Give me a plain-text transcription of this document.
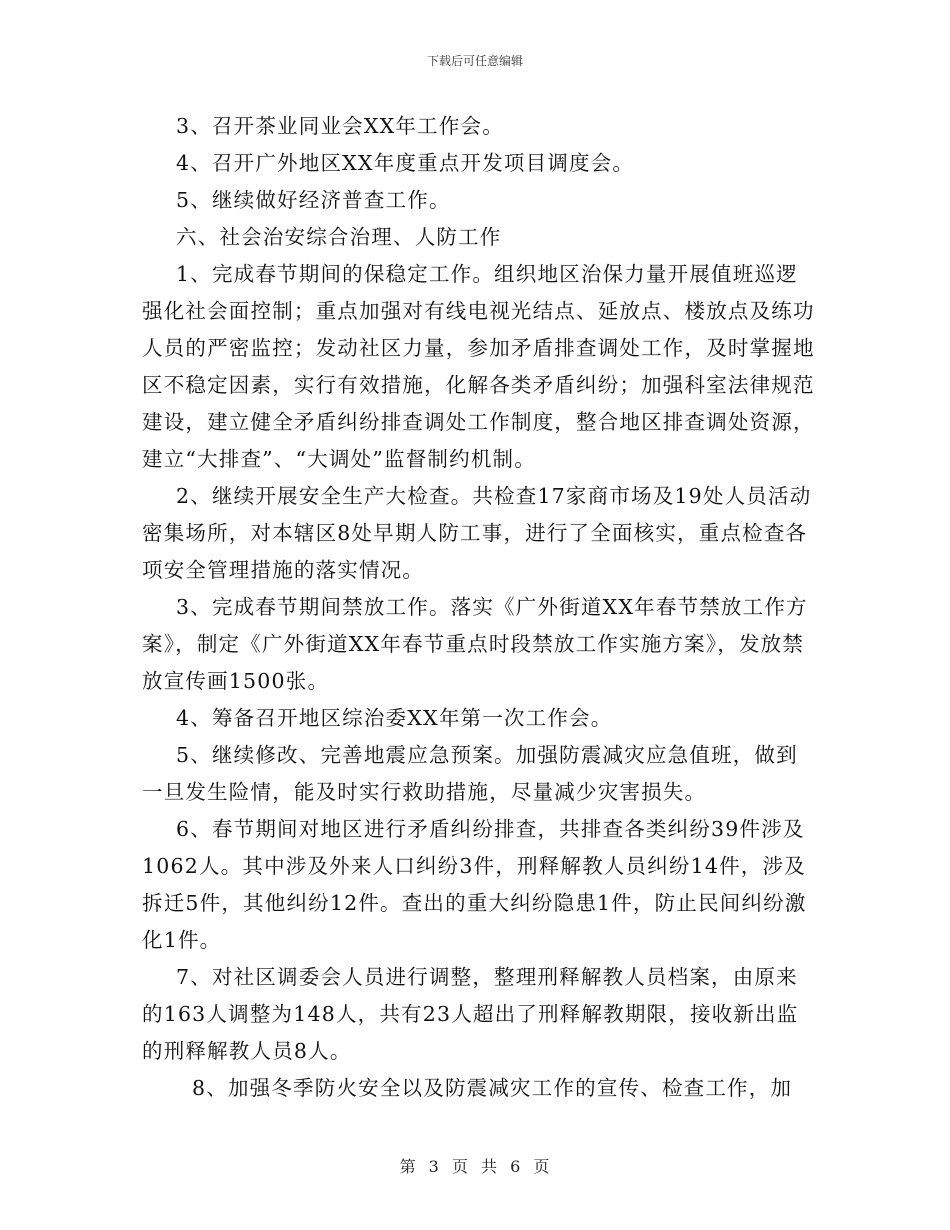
下载后可任意编辑

3、召开茶业同业会XX年工作会。

4、召开广外地区XX年度重点开发项目调度会。

5、继续做好经济普查工作。

六、社会治安综合治理、人防工作

1、完成春节期间的保稳定工作。组织地区治保力量开展值班巡逻强化社会面控制；重点加强对有线电视光结点、延放点、楼放点及练功人员的严密监控；发动社区力量，参加矛盾排查调处工作，及时掌握地区不稳定因素，实行有效措施，化解各类矛盾纠纷；加强科室法律规范建设，建立健全矛盾纠纷排查调处工作制度，整合地区排查调处资源，建立“大排查”、“大调处”监督制约机制。

2、继续开展安全生产大检查。共检查17家商市场及19处人员活动密集场所，对本辖区8处早期人防工事，进行了全面核实，重点检查各项安全管理措施的落实情况。

3、完成春节期间禁放工作。落实《广外街道XX年春节禁放工作方案》，制定《广外街道XX年春节重点时段禁放工作实施方案》，发放禁放宣传画1500张。

4、筹备召开地区综治委XX年第一次工作会。

5、继续修改、完善地震应急预案。加强防震减灾应急值班，做到一旦发生险情，能及时实行救助措施，尽量减少灾害损失。

6、春节期间对地区进行矛盾纠纷排查，共排查各类纠纷39件涉及1062人。其中涉及外来人口纠纷3件，刑释解教人员纠纷14件，涉及拆迁5件，其他纠纷12件。查出的重大纠纷隐患1件，防止民间纠纷激化1件。

7、对社区调委会人员进行调整，整理刑释解教人员档案，由原来的163人调整为148人，共有23人超出了刑释解教期限，接收新出监的刑释解教人员8人。

8、加强冬季防火安全以及防震减灾工作的宣传、检查工作，加

第 3 页 共 6 页
